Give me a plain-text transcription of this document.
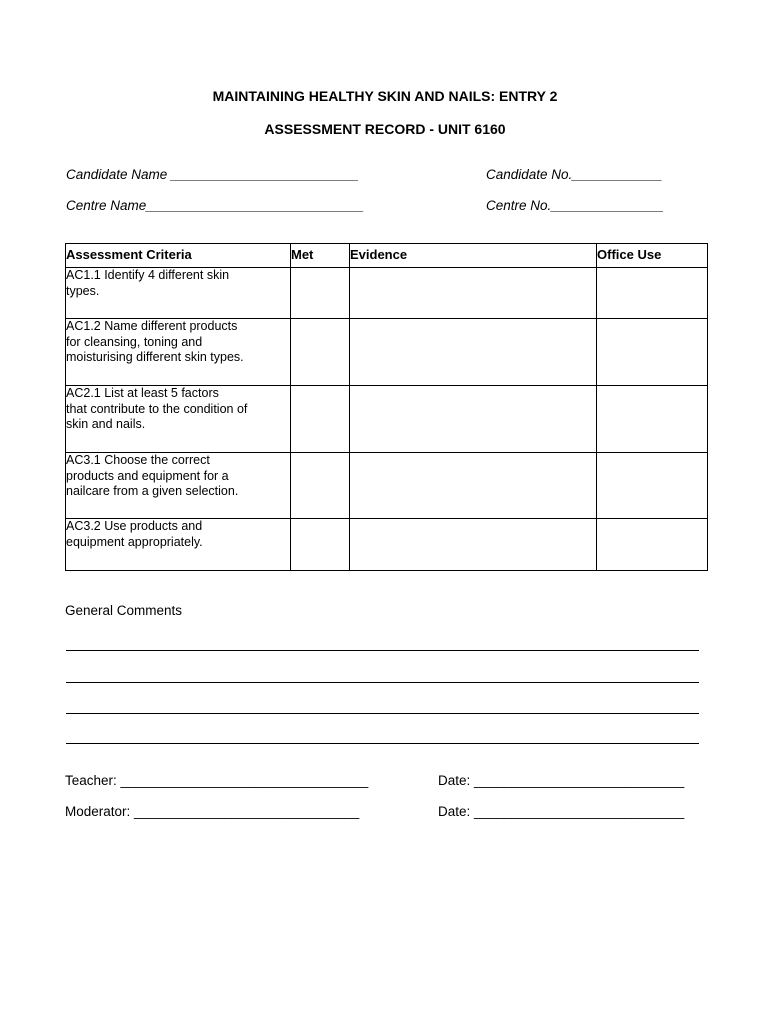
MAINTAINING HEALTHY SKIN AND NAILS: ENTRY 2
ASSESSMENT RECORD - UNIT 6160
Candidate Name _________________________	Candidate No.____________
Centre Name_____________________________	Centre No._______________
Assessment Criteria	Met	Evidence	Office Use

AC1.1 Identify 4 different skin
types.			

AC1.2 Name different products
for cleansing, toning and
moisturising different skin types.			

AC2.1 List at least 5 factors
that contribute to the condition of
skin and nails.			

AC3.1 Choose the correct
products and equipment for a
nailcare from a given selection.			

AC3.2 Use products and
equipment appropriately.			

General Comments
Teacher: _________________________________	Date: ____________________________
Moderator: ______________________________	Date: ____________________________
